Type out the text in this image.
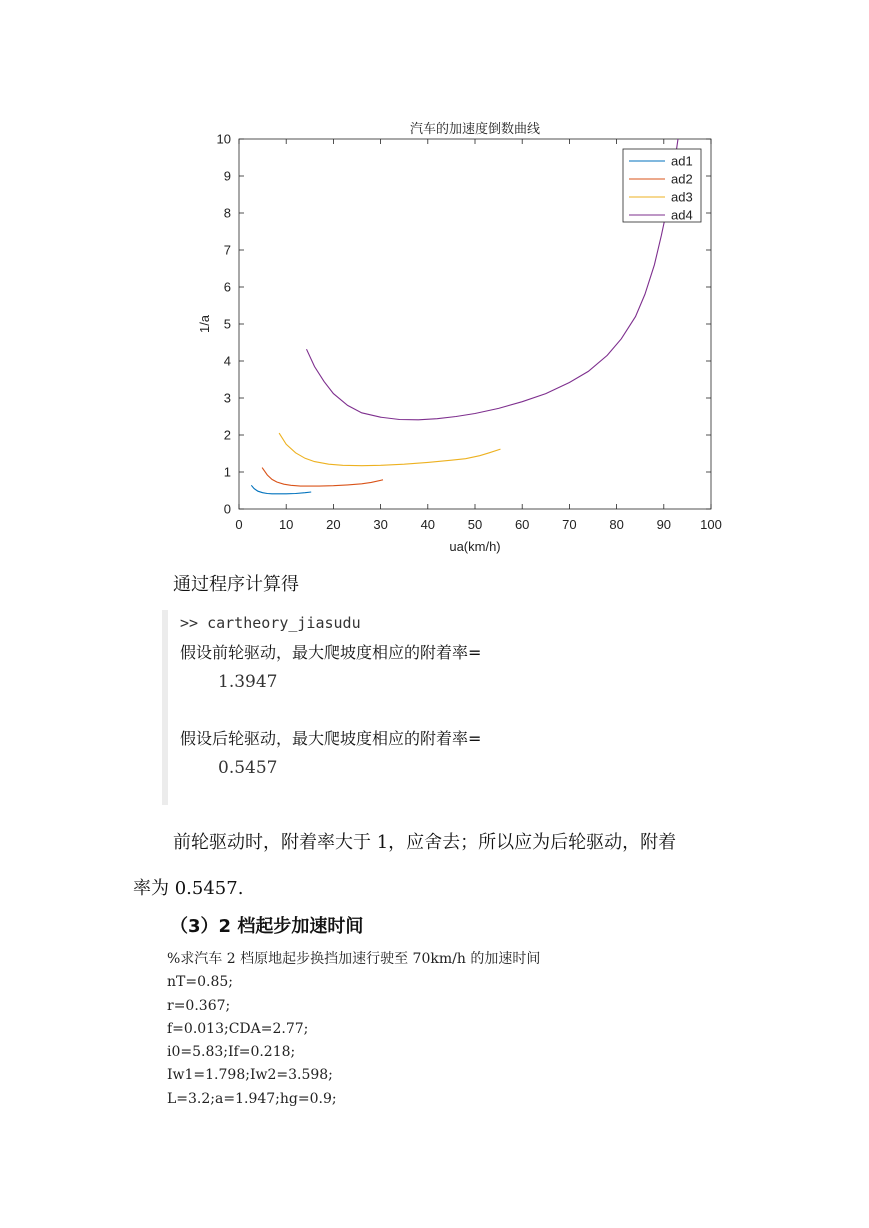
汽车的加速度倒数曲线
0	10	20	30	40	50	60	70	80	90 100
0
1
2
3
4
5
6
7
8
9
10
ua(km/h)
1/a
ad1
ad2
ad3
ad4
通过程序计算得
>> cartheory_jiasudu
假设前轮驱动，最大爬坡度相应的附着率=
1.3947
假设后轮驱动，最大爬坡度相应的附着率=
0.5457
前轮驱动时，附着率大于 1，应舍去；所以应为后轮驱动，附着
率为 0.5457.
（3）2 档起步加速时间
%求汽车 2 档原地起步换挡加速行驶至 70km/h 的加速时间
nT=0.85;
r=0.367;
f=0.013;CDA=2.77;
i0=5.83;If=0.218;
Iw1=1.798;Iw2=3.598;
L=3.2;a=1.947;hg=0.9;
